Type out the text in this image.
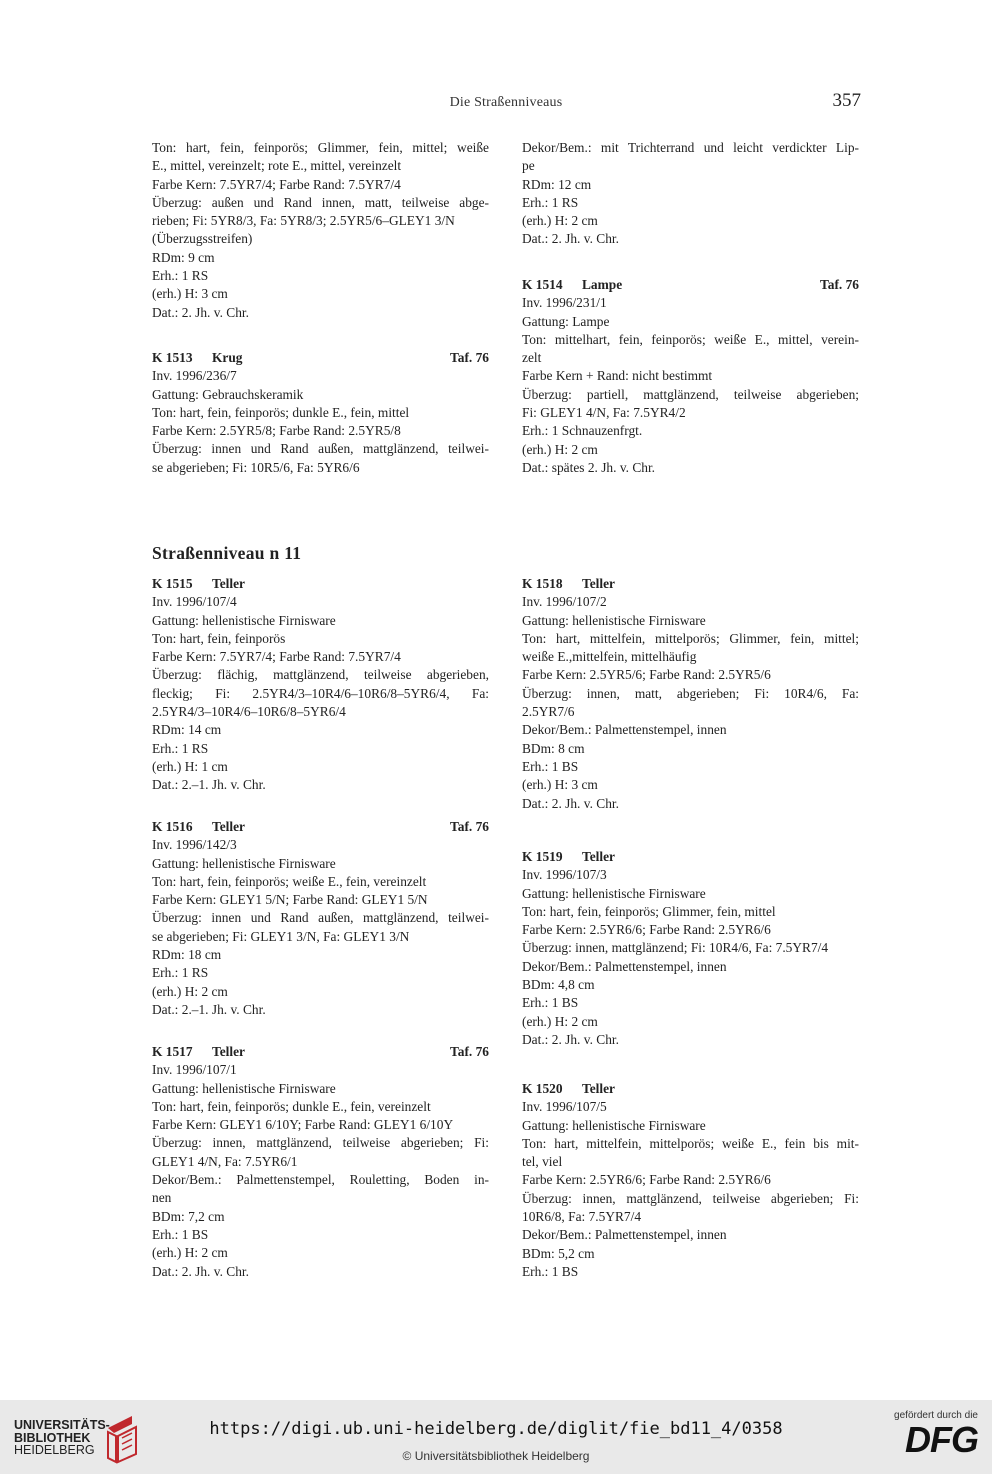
Die Straßenniveaus	357
Ton: hart, fein, feinporös; Glimmer, fein, mittel; weiße
E., mittel, vereinzelt; rote E., mittel, vereinzelt
Farbe Kern: 7.5YR7/4; Farbe Rand: 7.5YR7/4
Überzug: außen und Rand innen, matt, teilweise abge-
rieben; Fi: 5YR8/3, Fa: 5YR8/3; 2.5YR5/6–GLEY1 3/N
(Überzugsstreifen)
RDm: 9 cm
Erh.: 1 RS
(erh.) H: 3 cm
Dat.: 2. Jh. v. Chr.
K 1513	Krug	Taf. 76
Inv. 1996/236/7
Gattung: Gebrauchskeramik
Ton: hart, fein, feinporös; dunkle E., fein, mittel
Farbe Kern: 2.5YR5/8; Farbe Rand: 2.5YR5/8
Überzug: innen und Rand außen, mattglänzend, teilwei-
se abgerieben; Fi: 10R5/6, Fa: 5YR6/6
Dekor/Bem.: mit Trichterrand und leicht verdickter Lip-
pe
RDm: 12 cm
Erh.: 1 RS
(erh.) H: 2 cm
Dat.: 2. Jh. v. Chr.
K 1514	Lampe	Taf. 76
Inv. 1996/231/1
Gattung: Lampe
Ton: mittelhart, fein, feinporös; weiße E., mittel, verein-
zelt
Farbe Kern + Rand: nicht bestimmt
Überzug: partiell, mattglänzend, teilweise abgerieben;
Fi: GLEY1 4/N, Fa: 7.5YR4/2
Erh.: 1 Schnauzenfrgt.
(erh.) H: 2 cm
Dat.: spätes 2. Jh. v. Chr.
Straßenniveau n 11
K 1515	Teller
Inv. 1996/107/4
Gattung: hellenistische Firnisware
Ton: hart, fein, feinporös
Farbe Kern: 7.5YR7/4; Farbe Rand: 7.5YR7/4
Überzug: flächig, mattglänzend, teilweise abgerieben,
fleckig; Fi: 2.5YR4/3–10R4/6–10R6/8–5YR6/4, Fa:
2.5YR4/3–10R4/6–10R6/8–5YR6/4
RDm: 14 cm
Erh.: 1 RS
(erh.) H: 1 cm
Dat.: 2.–1. Jh. v. Chr.
K 1516	Teller	Taf. 76
Inv. 1996/142/3
Gattung: hellenistische Firnisware
Ton: hart, fein, feinporös; weiße E., fein, vereinzelt
Farbe Kern: GLEY1 5/N; Farbe Rand: GLEY1 5/N
Überzug: innen und Rand außen, mattglänzend, teilwei-
se abgerieben; Fi: GLEY1 3/N, Fa: GLEY1 3/N
RDm: 18 cm
Erh.: 1 RS
(erh.) H: 2 cm
Dat.: 2.–1. Jh. v. Chr.
K 1517	Teller	Taf. 76
Inv. 1996/107/1
Gattung: hellenistische Firnisware
Ton: hart, fein, feinporös; dunkle E., fein, vereinzelt
Farbe Kern: GLEY1 6/10Y; Farbe Rand: GLEY1 6/10Y
Überzug: innen, mattglänzend, teilweise abgerieben; Fi:
GLEY1 4/N, Fa: 7.5YR6/1
Dekor/Bem.: Palmettenstempel, Rouletting, Boden in-
nen
BDm: 7,2 cm
Erh.: 1 BS
(erh.) H: 2 cm
Dat.: 2. Jh. v. Chr.
K 1518	Teller
Inv. 1996/107/2
Gattung: hellenistische Firnisware
Ton: hart, mittelfein, mittelporös; Glimmer, fein, mittel;
weiße E.,mittelfein, mittelhäufig
Farbe Kern: 2.5YR5/6; Farbe Rand: 2.5YR5/6
Überzug: innen, matt, abgerieben; Fi: 10R4/6, Fa:
2.5YR7/6
Dekor/Bem.: Palmettenstempel, innen
BDm: 8 cm
Erh.: 1 BS
(erh.) H: 3 cm
Dat.: 2. Jh. v. Chr.
K 1519	Teller
Inv. 1996/107/3
Gattung: hellenistische Firnisware
Ton: hart, fein, feinporös; Glimmer, fein, mittel
Farbe Kern: 2.5YR6/6; Farbe Rand: 2.5YR6/6
Überzug: innen, mattglänzend; Fi: 10R4/6, Fa: 7.5YR7/4
Dekor/Bem.: Palmettenstempel, innen
BDm: 4,8 cm
Erh.: 1 BS
(erh.) H: 2 cm
Dat.: 2. Jh. v. Chr.
K 1520	Teller
Inv. 1996/107/5
Gattung: hellenistische Firnisware
Ton: hart, mittelfein, mittelporös; weiße E., fein bis mit-
tel, viel
Farbe Kern: 2.5YR6/6; Farbe Rand: 2.5YR6/6
Überzug: innen, mattglänzend, teilweise abgerieben; Fi:
10R6/8, Fa: 7.5YR7/4
Dekor/Bem.: Palmettenstempel, innen
BDm: 5,2 cm
Erh.: 1 BS
UNIVERSITÄTS-
BIBLIOTHEK
HEIDELBERG
https://digi.ub.uni-heidelberg.de/diglit/fie_bd11_4/0358
© Universitätsbibliothek Heidelberg
gefördert durch die
DFG
